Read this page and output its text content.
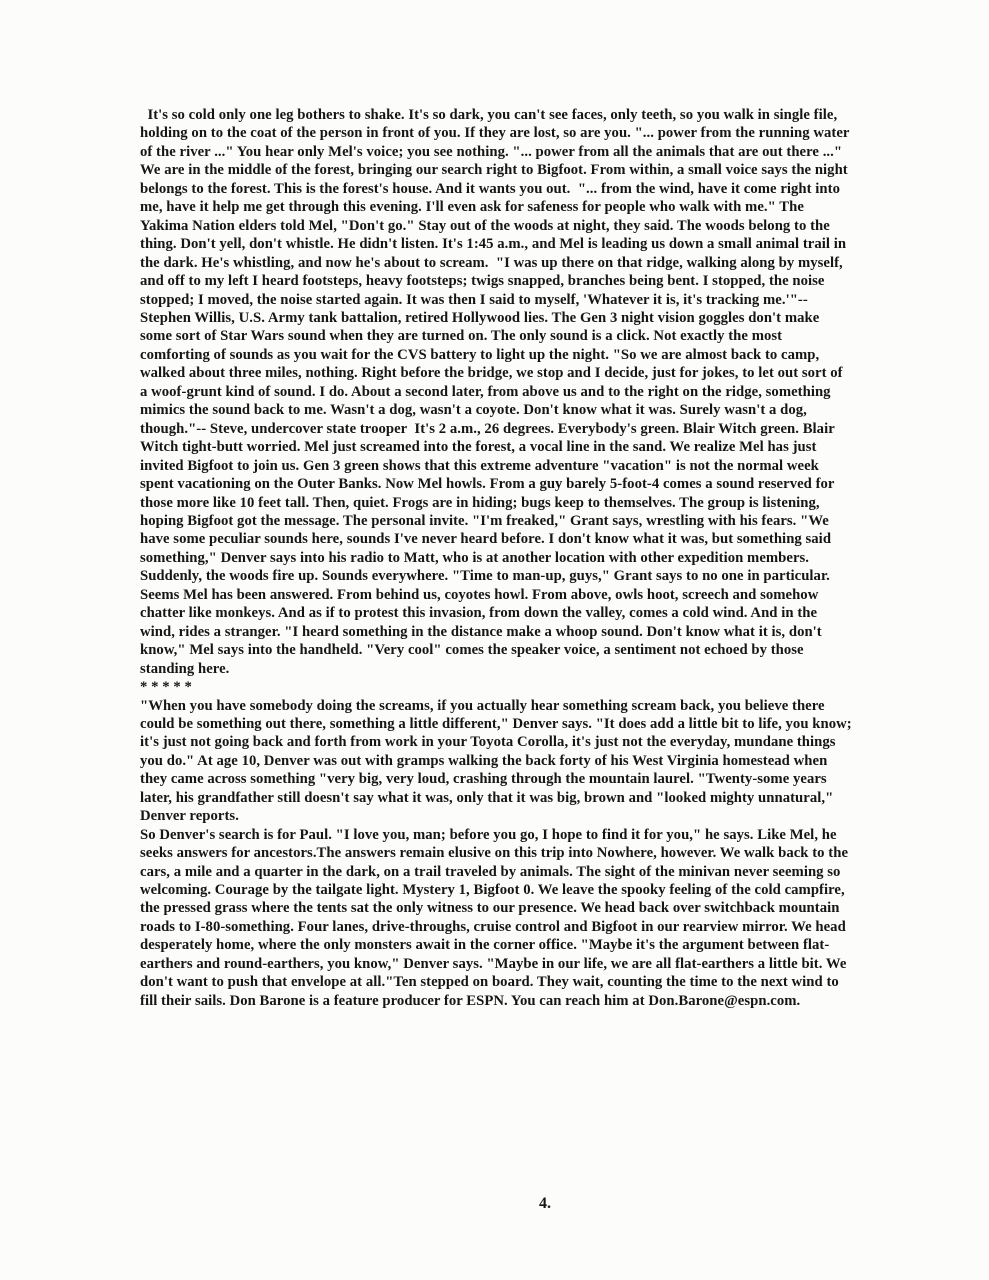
It's so cold only one leg bothers to shake. It's so dark, you can't see faces, only teeth, so you walk in single file, holding on to the coat of the person in front of you. If they are lost, so are you. "... power from the running water of the river ..." You hear only Mel's voice; you see nothing. "... power from all the animals that are out there ..."   We are in the middle of the forest, bringing our search right to Bigfoot. From within, a small voice says the night belongs to the forest. This is the forest's house. And it wants you out.  "... from the wind, have it come right into me, have it help me get through this evening. I'll even ask for safeness for people who walk with me." The Yakima Nation elders told Mel, "Don't go." Stay out of the woods at night, they said. The woods belong to the thing. Don't yell, don't whistle. He didn't listen. It's 1:45 a.m., and Mel is leading us down a small animal trail in the dark. He's whistling, and now he's about to scream.  "I was up there on that ridge, walking along by myself, and off to my left I heard footsteps, heavy footsteps; twigs snapped, branches being bent. I stopped, the noise stopped; I moved, the noise started again. It was then I said to myself, 'Whatever it is, it's tracking me.'"-- Stephen Willis, U.S. Army tank battalion, retired Hollywood lies. The Gen 3 night vision goggles don't make some sort of Star Wars sound when they are turned on. The only sound is a click. Not exactly the most comforting of sounds as you wait for the CVS battery to light up the night. "So we are almost back to camp, walked about three miles, nothing. Right before the bridge, we stop and I decide, just for jokes, to let out sort of a woof-grunt kind of sound. I do. About a second later, from above us and to the right on the ridge, something mimics the sound back to me. Wasn't a dog, wasn't a coyote. Don't know what it was. Surely wasn't a dog, though."-- Steve, undercover state trooper  It's 2 a.m., 26 degrees. Everybody's green. Blair Witch green. Blair Witch tight-butt worried. Mel just screamed into the forest, a vocal line in the sand. We realize Mel has just invited Bigfoot to join us. Gen 3 green shows that this extreme adventure "vacation" is not the normal week spent vacationing on the Outer Banks. Now Mel howls. From a guy barely 5-foot-4 comes a sound reserved for those more like 10 feet tall. Then, quiet. Frogs are in hiding; bugs keep to themselves. The group is listening, hoping Bigfoot got the message. The personal invite. "I'm freaked," Grant says, wrestling with his fears. "We have some peculiar sounds here, sounds I've never heard before. I don't know what it was, but something said something," Denver says into his radio to Matt, who is at another location with other expedition members. Suddenly, the woods fire up. Sounds everywhere. "Time to man-up, guys," Grant says to no one in particular. Seems Mel has been answered. From behind us, coyotes howl. From above, owls hoot, screech and somehow chatter like monkeys. And as if to protest this invasion, from down the valley, comes a cold wind. And in the wind, rides a stranger. "I heard something in the distance make a whoop sound. Don't know what it is, don't know," Mel says into the handheld. "Very cool" comes the speaker voice, a sentiment not echoed by those standing here.

* * * * *

"When you have somebody doing the screams, if you actually hear something scream back, you believe there could be something out there, something a little different," Denver says. "It does add a little bit to life, you know; it's just not going back and forth from work in your Toyota Corolla, it's just not the everyday, mundane things you do." At age 10, Denver was out with gramps walking the back forty of his West Virginia homestead when they came across something "very big, very loud, crashing through the mountain laurel. "Twenty-some years later, his grandfather still doesn't say what it was, only that it was big, brown and "looked mighty unnatural," Denver reports.

So Denver's search is for Paul. "I love you, man; before you go, I hope to find it for you," he says. Like Mel, he seeks answers for ancestors.The answers remain elusive on this trip into Nowhere, however. We walk back to the cars, a mile and a quarter in the dark, on a trail traveled by animals. The sight of the minivan never seeming so welcoming. Courage by the tailgate light. Mystery 1, Bigfoot 0. We leave the spooky feeling of the cold campfire, the pressed grass where the tents sat the only witness to our presence. We head back over switchback mountain roads to I-80-something. Four lanes, drive-throughs, cruise control and Bigfoot in our rearview mirror. We head desperately home, where the only monsters await in the corner office. "Maybe it's the argument between flat-earthers and round-earthers, you know," Denver says. "Maybe in our life, we are all flat-earthers a little bit. We don't want to push that envelope at all."Ten stepped on board. They wait, counting the time to the next wind to fill their sails. Don Barone is a feature producer for ESPN. You can reach him at Don.Barone@espn.com.

4.
